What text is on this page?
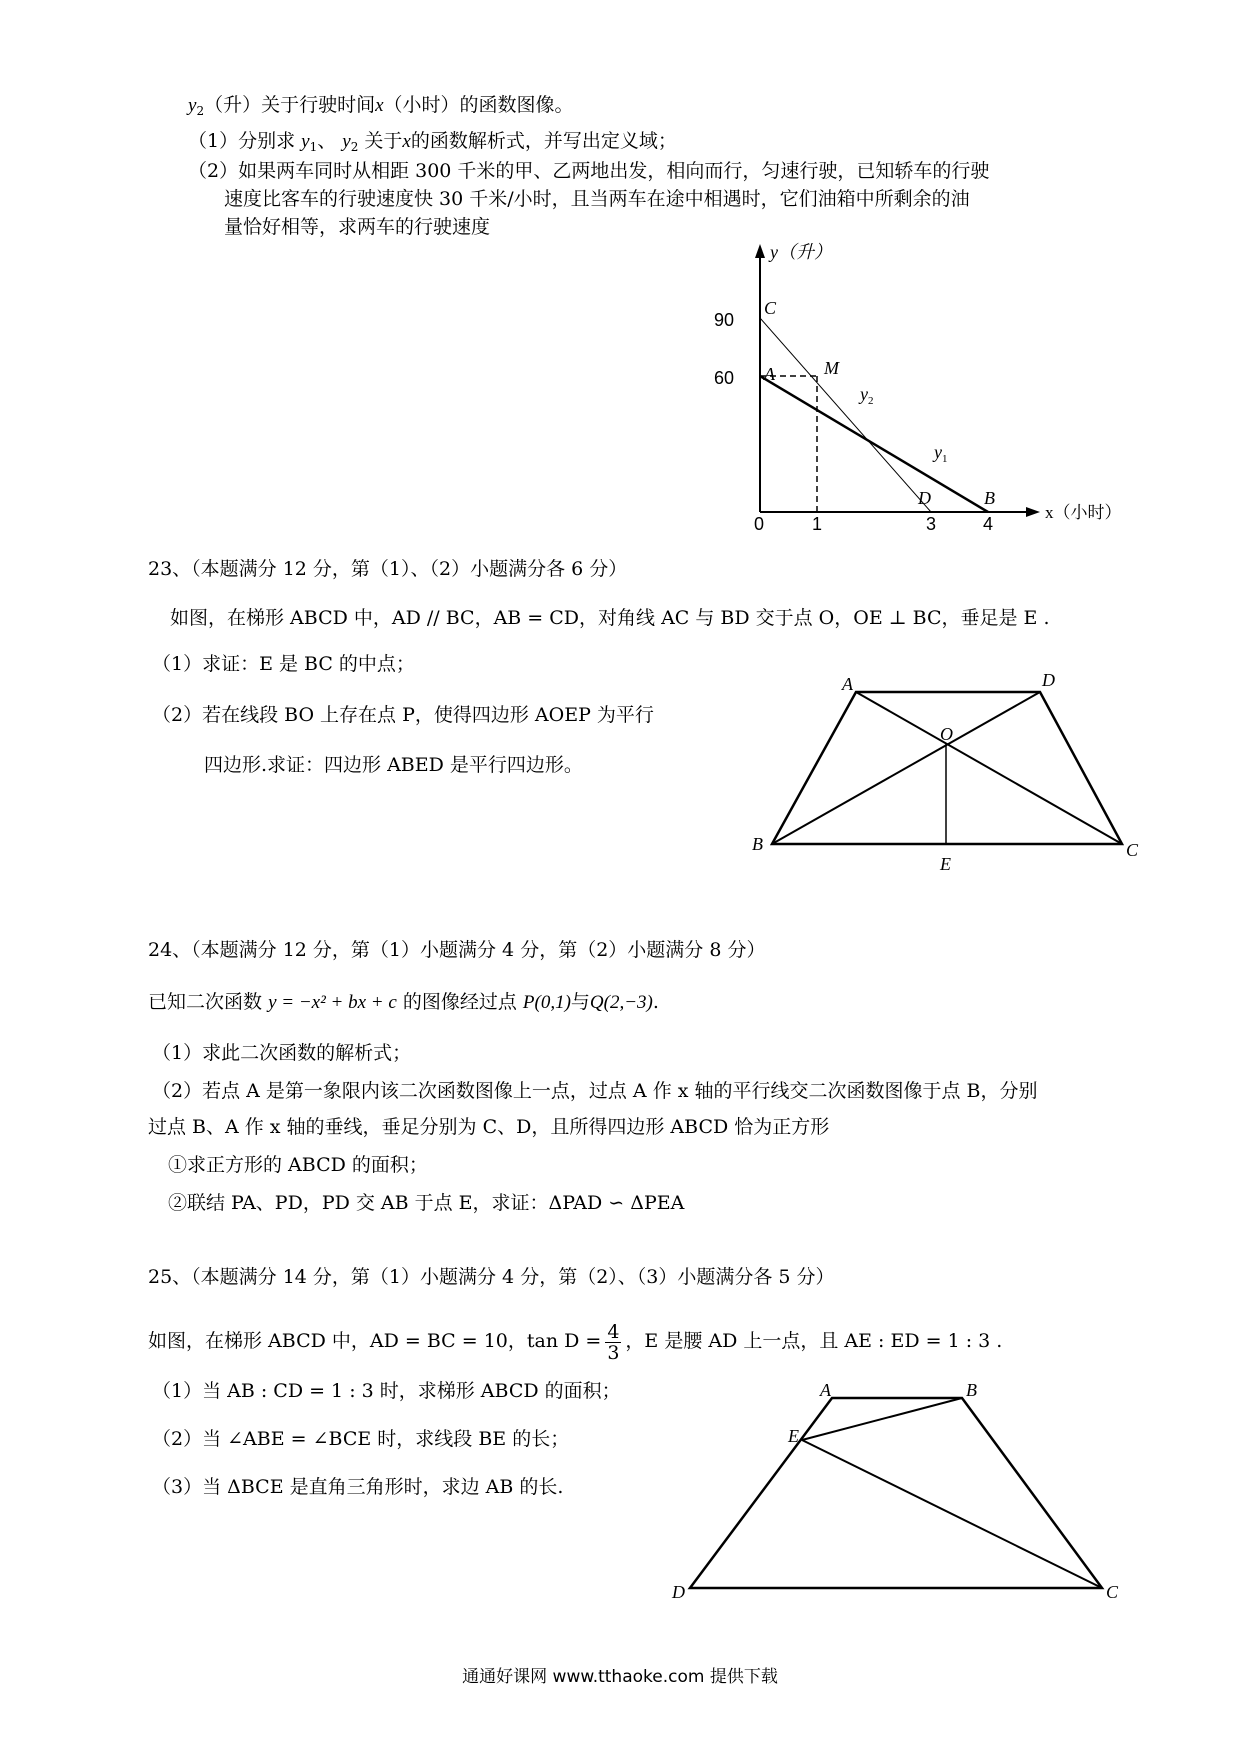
$y_2$（升）关于行驶时间x（小时）的函数图像。
（1）分别求 $y_1$、 $y_2$ 关于x的函数解析式，并写出定义域；
（2）如果两车同时从相距 300 千米的甲、乙两地出发，相向而行，匀速行驶，已知轿车的行驶
速度比客车的行驶速度快 30 千米/小时，且当两车在途中相遇时，它们油箱中所剩余的油
量恰好相等，求两车的行驶速度
y（升）
x（小时）
90
60
0	1	3	4
C
A	M
D	B
$y_2$
$y_1$
23、（本题满分 12 分，第（1）、（2）小题满分各 6 分）
如图，在梯形 ABCD 中，AD // BC，AB = CD，对角线 AC 与 BD 交于点 O，OE ⊥ BC，垂足是 E .
（1）求证：E 是 BC 的中点；
（2）若在线段 BO 上存在点 P，使得四边形 AOEP 为平行
四边形.求证：四边形 ABED 是平行四边形。
A	D
O
B
E
C
24、（本题满分 12 分，第（1）小题满分 4 分，第（2）小题满分 8 分）
已知二次函数 y = −x² + bx + c 的图像经过点 P(0,1)与Q(2,−3).
（1）求此二次函数的解析式；
（2）若点 A 是第一象限内该二次函数图像上一点，过点 A 作 x 轴的平行线交二次函数图像于点 B，分别
过点 B、A 作 x 轴的垂线，垂足分别为 C、D，且所得四边形 ABCD 恰为正方形
①求正方形的 ABCD 的面积；
②联结 PA、PD，PD 交 AB 于点 E，求证：ΔPAD ∽ ΔPEA
25、（本题满分 14 分，第（1）小题满分 4 分，第（2）、（3）小题满分各 5 分）
如图，在梯形 ABCD 中，AD = BC = 10，$\tan D = \frac{4}{3}$ ，E 是腰 AD 上一点，且 AE : ED = 1 : 3 .
（1）当 AB : CD = 1 : 3 时，求梯形 ABCD 的面积；
（2）当 ∠ABE = ∠BCE 时，求线段 BE 的长；
（3）当 ΔBCE 是直角三角形时，求边 AB 的长.
A	B
E
D	C
通通好课网 www.tthaoke.com 提供下载
